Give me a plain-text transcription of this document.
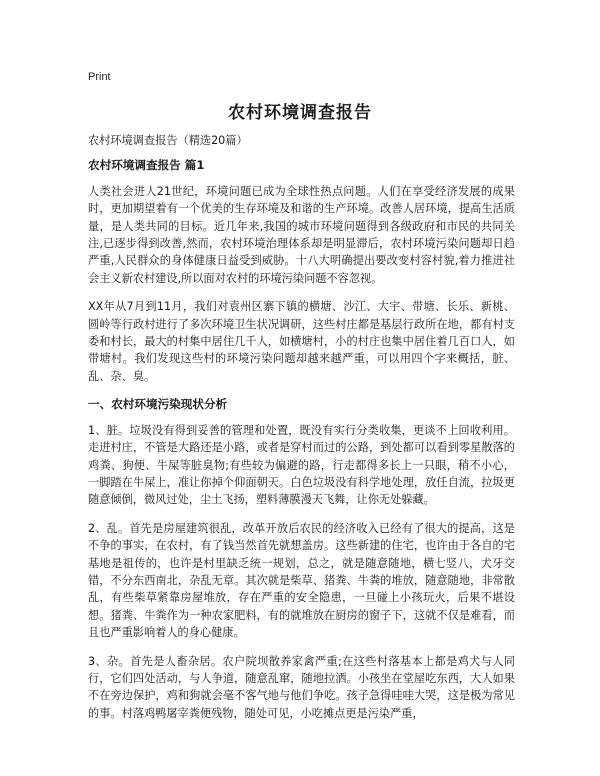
Print
农村环境调查报告

农村环境调查报告（精选20篇）

农村环境调查报告 篇1

人类社会进人21世纪，环境问题已成为全球性热点问题。人们在享受经济发展的成果时，更加期望着有一个优美的生存环境及和谐的生产环境。改善人居环境，提高生活质量，是人类共同的目标。近几年来,我国的城市环境问题得到各级政府和市民的共同关注,已逐步得到改善,然而，农村环境治理体系却是明显滞后，农村环境污染问题却日趋严重,人民群众的身体健康日益受到威胁。十八大明确提出要改变村容村貌,着力推进社会主义新农村建设,所以面对农村的环境污染问题不容忽视。

XX年从7月到11月，我们对袁州区寨下镇的横塘、沙江、大宇、带塘、长乐、新桃、圆岭等行政村进行了多次环境卫生状况调研，这些村庄都是基层行政所在地，都有村支委和村长，最大的村集中居住几千人，如横塘村，小的村庄也集中居住着几百口人，如带塘村。我们发现这些村的环境污染问题却越来越严重，可以用四个字来概括，脏、乱、杂、臭。

一、农村环境污染现状分析

1、脏。垃圾没有得到妥善的管理和处置，既没有实行分类收集，更谈不上回收利用。走进村庄，不管是大路还是小路，或者是穿村而过的公路，到处都可以看到零星散落的鸡粪、狗便、牛屎等脏臭物;有些较为偏避的路，行走都得多长上一只眼，稍不小心，一脚踏在牛屎上，准让你掉个仰面朝天。白色垃圾没有科学地处理，放任自流，拉圾更随意倾倒，微风过处，尘土飞扬，塑料薄膜漫天飞舞，让你无处躲藏。

2、乱。首先是房屋建筑很乱，改革开放后农民的经济收入已经有了很大的提高，这是不争的事实，在农村，有了钱当然首先就想盖房。这些新建的住宅，也许由于各自的宅基地是祖传的，也许是村里缺乏统一规划，总之，就是随意随地，横七竖八，犬牙交错，不分东西南北，杂乱无章。其次就是柴草、猪粪、牛粪的堆放，随意随地，非常散乱，有些柴草紧靠房屋堆放，存在严重的安全隐患，一旦碰上小孩玩火，后果不堪设想。猪粪、牛粪作为一种农家肥料，有的就堆放在厨房的窗子下，这就不仅是难看，而且也严重影响着人的身心健康。

3、杂。首先是人畜杂居。农户院坝散养家禽严重;在这些村落基本上都是鸡犬与人同行，它们四处活动，与人争道，随意乱窜，随地拉洒。小孩坐在堂屋吃东西，大人如果不在旁边保护，鸡和狗就会毫不客气地与他们争吃。孩子急得哇哇大哭，这是极为常见的事。村落鸡鸭屠宰粪便残物，随处可见，小吃摊点更是污染严重，
